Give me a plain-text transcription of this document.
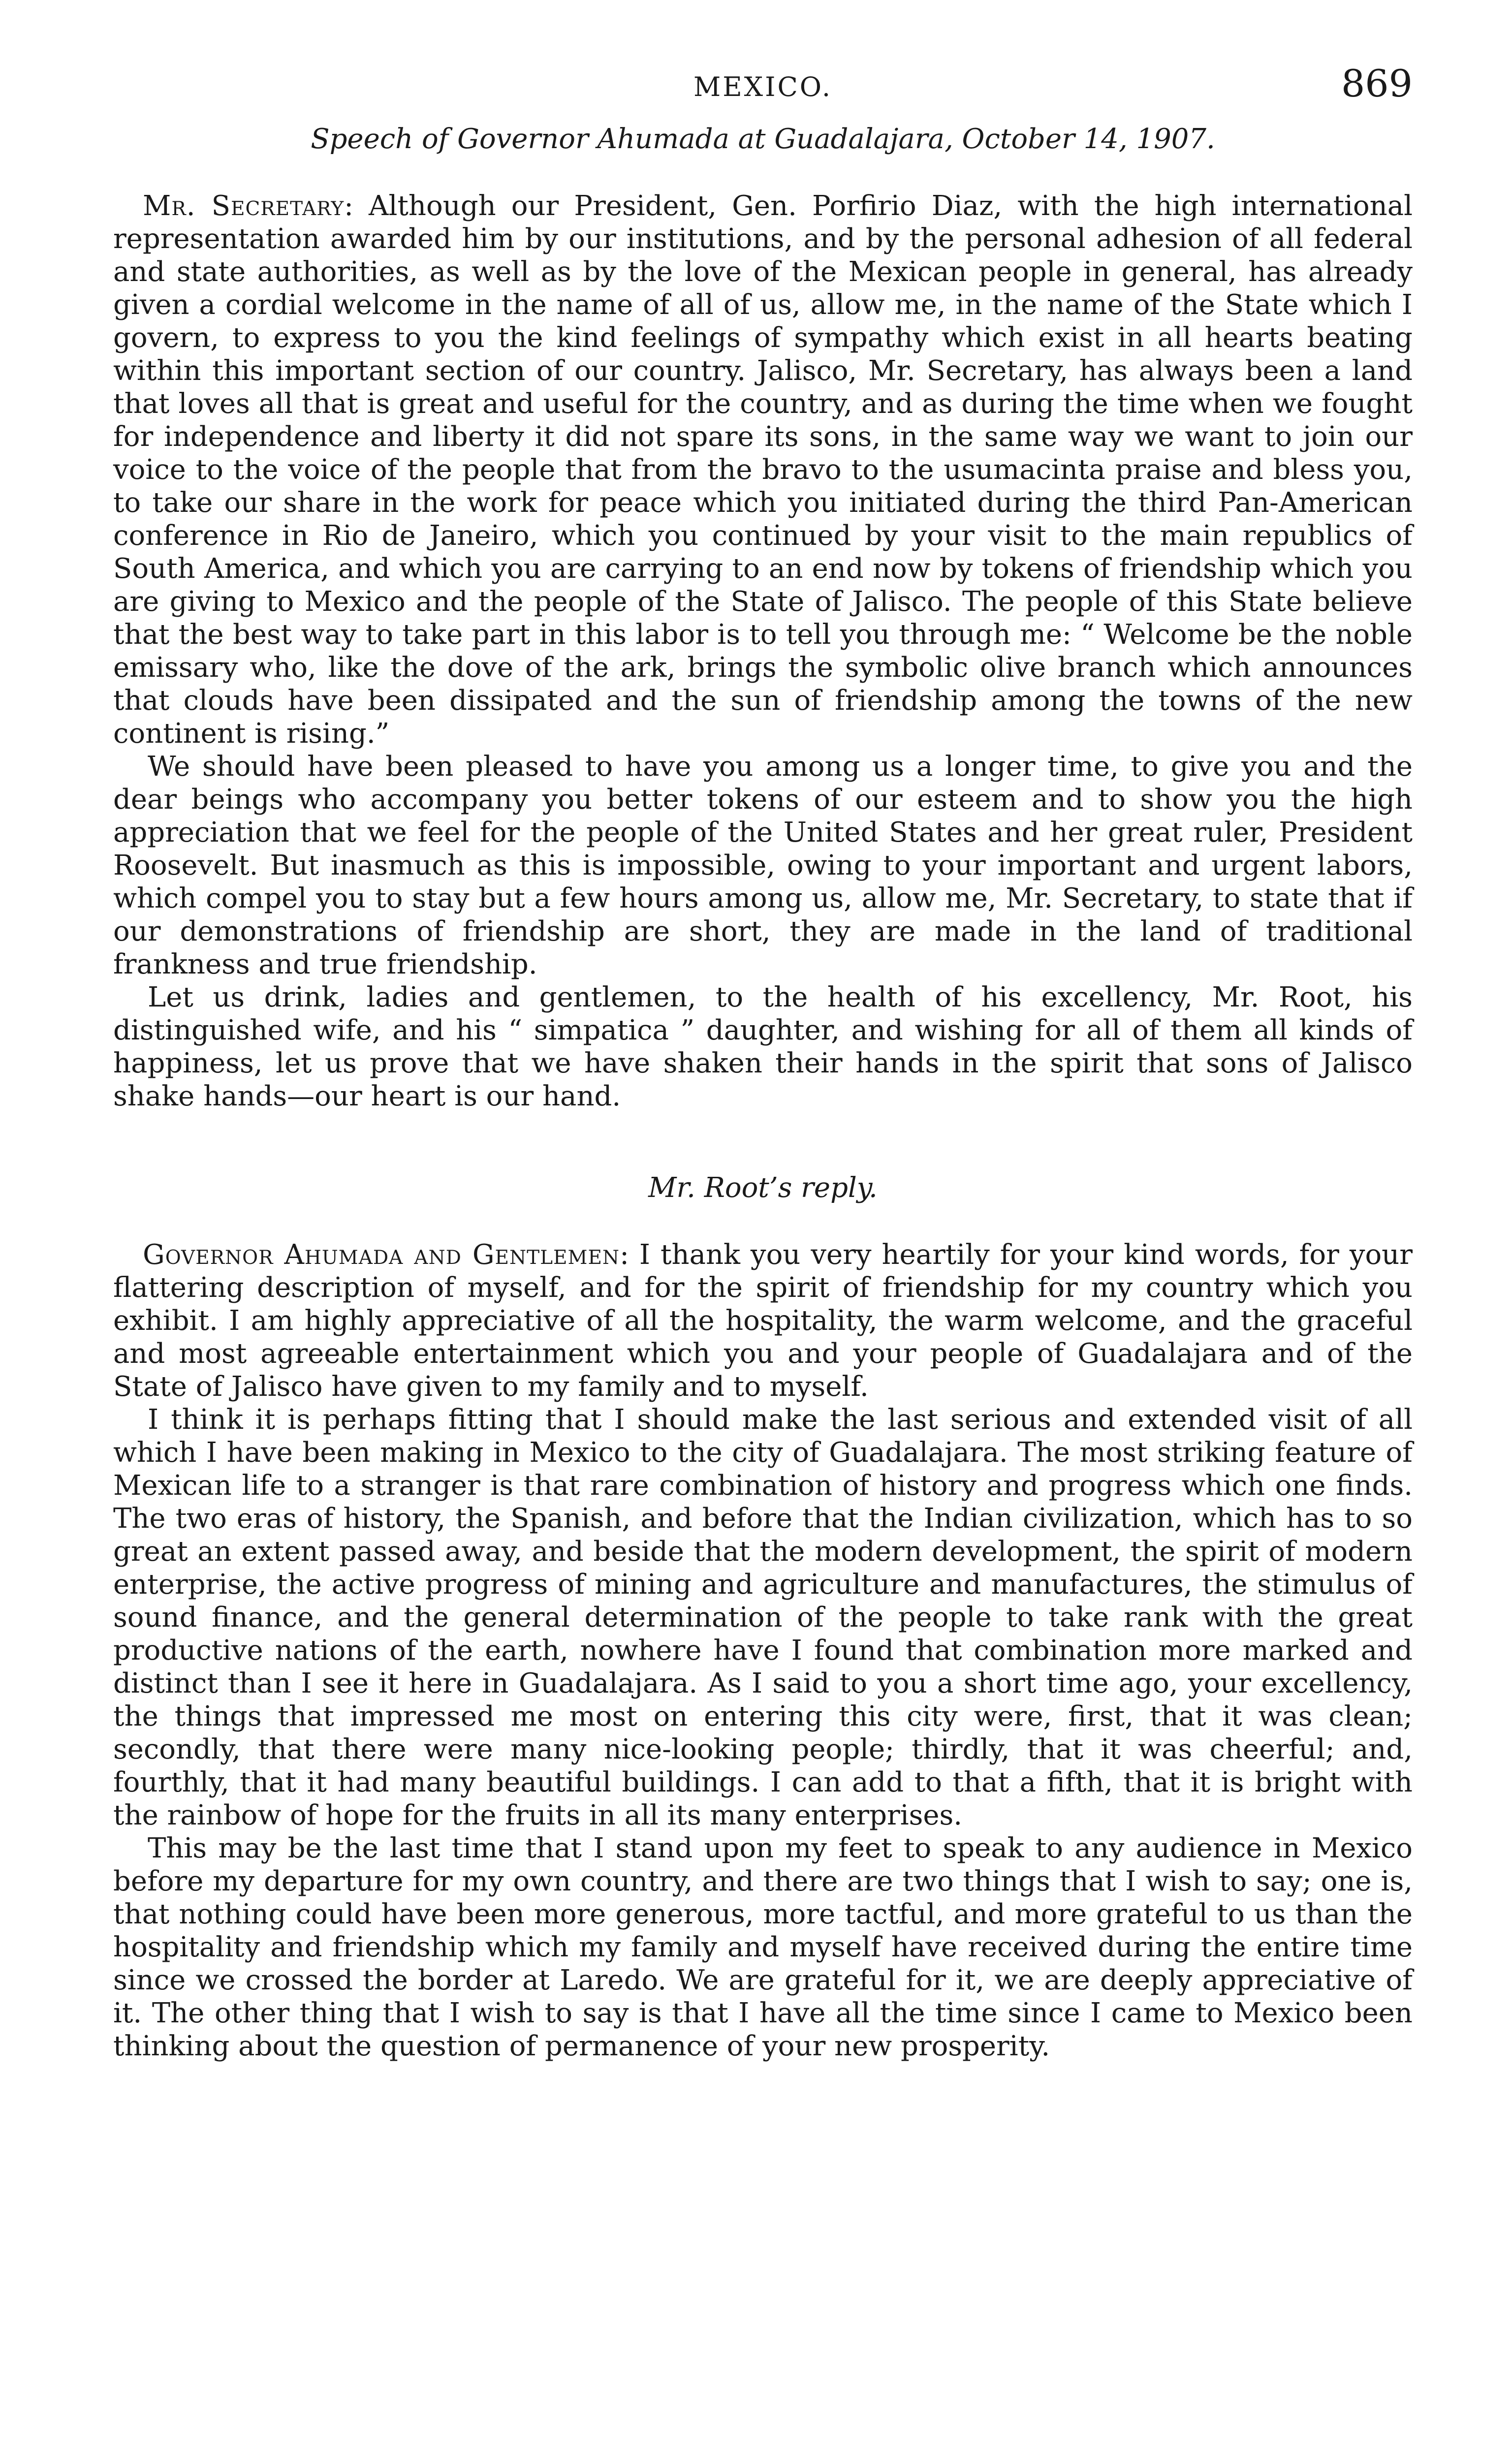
MEXICO.	869
Speech of Governor Ahumada at Guadalajara, October 14, 1907.

Mr. Secretary: Although our President, Gen. Porfirio Diaz, with the high international representation awarded him by our institutions, and by the personal adhesion of all federal and state authorities, as well as by the love of the Mexican people in general, has already given a cordial welcome in the name of all of us, allow me, in the name of the State which I govern, to express to you the kind feelings of sympathy which exist in all hearts beating within this important section of our country. Jalisco, Mr. Secretary, has always been a land that loves all that is great and useful for the country, and as during the time when we fought for independence and liberty it did not spare its sons, in the same way we want to join our voice to the voice of the people that from the bravo to the usumacinta praise and bless you, to take our share in the work for peace which you initiated during the third Pan-American conference in Rio de Janeiro, which you continued by your visit to the main republics of South America, and which you are carrying to an end now by tokens of friendship which you are giving to Mexico and the people of the State of Jalisco. The people of this State believe that the best way to take part in this labor is to tell you through me: “ Welcome be the noble emissary who, like the dove of the ark, brings the symbolic olive branch which announces that clouds have been dissipated and the sun of friendship among the towns of the new continent is rising.”

We should have been pleased to have you among us a longer time, to give you and the dear beings who accompany you better tokens of our esteem and to show you the high appreciation that we feel for the people of the United States and her great ruler, President Roosevelt. But inasmuch as this is impossible, owing to your important and urgent labors, which compel you to stay but a few hours among us, allow me, Mr. Secretary, to state that if our demonstrations of friendship are short, they are made in the land of traditional frankness and true friendship.

Let us drink, ladies and gentlemen, to the health of his excellency, Mr. Root, his distinguished wife, and his “ simpatica ” daughter, and wishing for all of them all kinds of happiness, let us prove that we have shaken their hands in the spirit that sons of Jalisco shake hands—our heart is our hand.

Mr. Root’s reply.

Governor Ahumada and Gentlemen: I thank you very heartily for your kind words, for your flattering description of myself, and for the spirit of friendship for my country which you exhibit. I am highly appreciative of all the hospitality, the warm welcome, and the graceful and most agreeable entertainment which you and your people of Guadalajara and of the State of Jalisco have given to my family and to myself.

I think it is perhaps fitting that I should make the last serious and extended visit of all which I have been making in Mexico to the city of Guadalajara. The most striking feature of Mexican life to a stranger is that rare combination of history and progress which one finds. The two eras of history, the Spanish, and before that the Indian civilization, which has to so great an extent passed away, and beside that the modern development, the spirit of modern enterprise, the active progress of mining and agriculture and manufactures, the stimulus of sound finance, and the general determination of the people to take rank with the great productive nations of the earth, nowhere have I found that combination more marked and distinct than I see it here in Guadalajara. As I said to you a short time ago, your excellency, the things that impressed me most on entering this city were, first, that it was clean; secondly, that there were many nice-looking people; thirdly, that it was cheerful; and, fourthly, that it had many beautiful buildings. I can add to that a fifth, that it is bright with the rainbow of hope for the fruits in all its many enterprises.

This may be the last time that I stand upon my feet to speak to any audience in Mexico before my departure for my own country, and there are two things that I wish to say; one is, that nothing could have been more generous, more tactful, and more grateful to us than the hospitality and friendship which my family and myself have received during the entire time since we crossed the border at Laredo. We are grateful for it, we are deeply appreciative of it. The other thing that I wish to say is that I have all the time since I came to Mexico been thinking about the question of permanence of your new prosperity.
